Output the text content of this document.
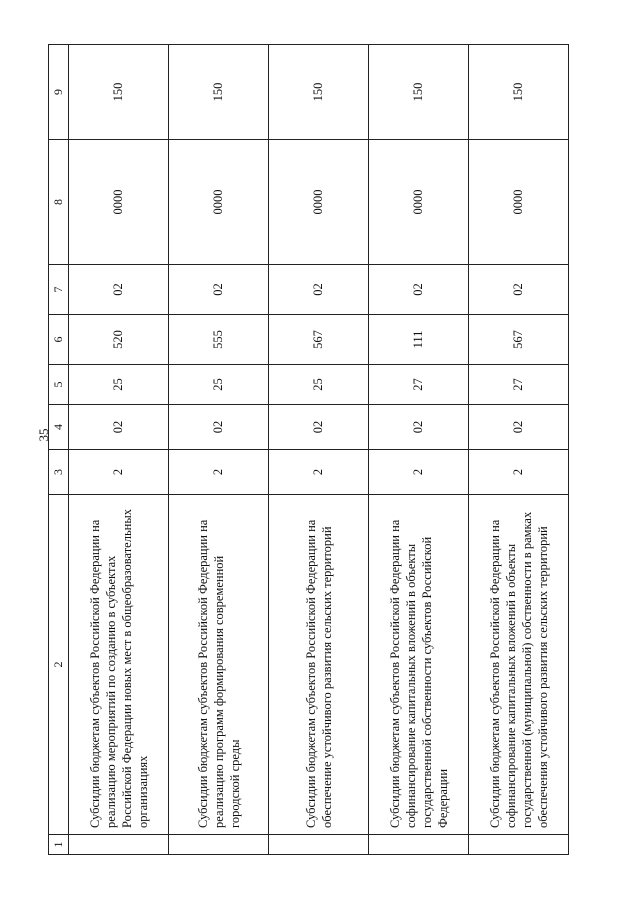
35
1	2	3	4	5	6	7	8	9
	Субсидии бюджетам субъектов Российской Федерации на реализацию мероприятий по созданию в субъектах Российской Федерации новых мест в общеобразовательных организациях	2	02	25	520	02	0000	150
	Субсидии бюджетам субъектов Российской Федерации на реализацию программ формирования современной городской среды	2	02	25	555	02	0000	150
	Субсидии бюджетам субъектов Российской Федерации на обеспечение устойчивого развития сельских территорий	2	02	25	567	02	0000	150
	Субсидии бюджетам субъектов Российской Федерации на софинансирование капитальных вложений в объекты государственной собственности субъектов Российской Федерации	2	02	27	111	02	0000	150
	Субсидии бюджетам субъектов Российской Федерации на софинансирование капитальных вложений в объекты государственной (муниципальной) собственности в рамках обеспечения устойчивого развития сельских территорий	2	02	27	567	02	0000	150
